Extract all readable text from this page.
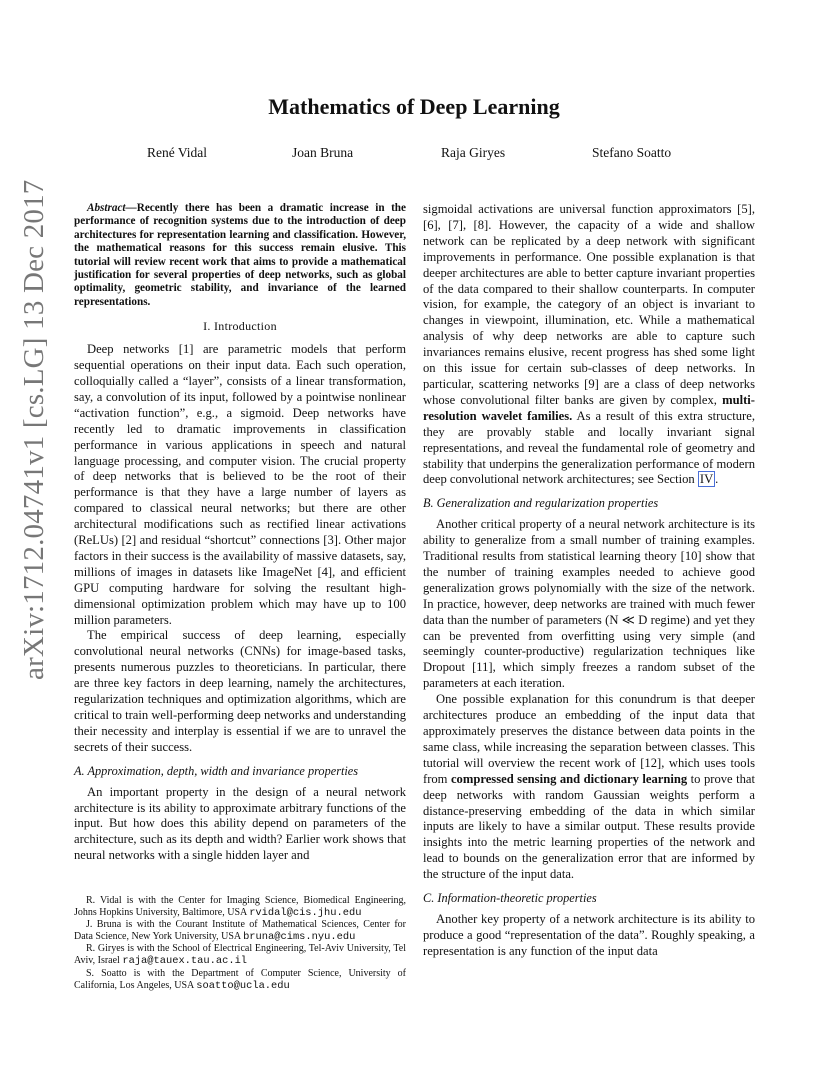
arXiv:1712.04741v1 [cs.LG] 13 Dec 2017
Mathematics of Deep Learning
René Vidal	Joan Bruna	Raja Giryes	Stefano Soatto

Abstract—Recently there has been a dramatic increase in the performance of recognition systems due to the introduction of deep architectures for representation learning and classification. However, the mathematical reasons for this success remain elusive. This tutorial will review recent work that aims to provide a mathematical justification for several properties of deep networks, such as global optimality, geometric stability, and invariance of the learned representations.

I. Introduction

Deep networks [1] are parametric models that perform sequential operations on their input data. Each such operation, colloquially called a “layer”, consists of a linear transformation, say, a convolution of its input, followed by a pointwise nonlinear “activation function”, e.g., a sigmoid. Deep networks have recently led to dramatic improvements in classification performance in various applications in speech and natural language processing, and computer vision. The crucial property of deep networks that is believed to be the root of their performance is that they have a large number of layers as compared to classical neural networks; but there are other architectural modifications such as rectified linear activations (ReLUs) [2] and residual “shortcut” connections [3]. Other major factors in their success is the availability of massive datasets, say, millions of images in datasets like ImageNet [4], and efficient GPU computing hardware for solving the resultant high-dimensional optimization problem which may have up to 100 million parameters.

The empirical success of deep learning, especially convolutional neural networks (CNNs) for image-based tasks, presents numerous puzzles to theoreticians. In particular, there are three key factors in deep learning, namely the architectures, regularization techniques and optimization algorithms, which are critical to train well-performing deep networks and understanding their necessity and interplay is essential if we are to unravel the secrets of their success.

A. Approximation, depth, width and invariance properties

An important property in the design of a neural network architecture is its ability to approximate arbitrary functions of the input. But how does this ability depend on parameters of the architecture, such as its depth and width? Earlier work shows that neural networks with a single hidden layer and

R. Vidal is with the Center for Imaging Science, Biomedical Engineering, Johns Hopkins University, Baltimore, USA rvidal@cis.jhu.edu

J. Bruna is with the Courant Institute of Mathematical Sciences, Center for Data Science, New York University, USA bruna@cims.nyu.edu

R. Giryes is with the School of Electrical Engineering, Tel-Aviv University, Tel Aviv, Israel raja@tauex.tau.ac.il

S. Soatto is with the Department of Computer Science, University of California, Los Angeles, USA soatto@ucla.edu

sigmoidal activations are universal function approximators [5], [6], [7], [8]. However, the capacity of a wide and shallow network can be replicated by a deep network with significant improvements in performance. One possible explanation is that deeper architectures are able to better capture invariant properties of the data compared to their shallow counterparts. In computer vision, for example, the category of an object is invariant to changes in viewpoint, illumination, etc. While a mathematical analysis of why deep networks are able to capture such invariances remains elusive, recent progress has shed some light on this issue for certain sub-classes of deep networks. In particular, scattering networks [9] are a class of deep networks whose convolutional filter banks are given by complex, multi-resolution wavelet families. As a result of this extra structure, they are provably stable and locally invariant signal representations, and reveal the fundamental role of geometry and stability that underpins the generalization performance of modern deep convolutional network architectures; see Section IV .

B. Generalization and regularization properties

Another critical property of a neural network architecture is its ability to generalize from a small number of training examples. Traditional results from statistical learning theory [10] show that the number of training examples needed to achieve good generalization grows polynomially with the size of the network. In practice, however, deep networks are trained with much fewer data than the number of parameters (N ≪ D regime) and yet they can be prevented from overfitting using very simple (and seemingly counter-productive) regularization techniques like Dropout [11], which simply freezes a random subset of the parameters at each iteration.

One possible explanation for this conundrum is that deeper architectures produce an embedding of the input data that approximately preserves the distance between data points in the same class, while increasing the separation between classes. This tutorial will overview the recent work of [12], which uses tools from compressed sensing and dictionary learning to prove that deep networks with random Gaussian weights perform a distance-preserving embedding of the data in which similar inputs are likely to have a similar output. These results provide insights into the metric learning properties of the network and lead to bounds on the generalization error that are informed by the structure of the input data.

C. Information-theoretic properties

Another key property of a network architecture is its ability to produce a good “representation of the data”. Roughly speaking, a representation is any function of the input data
